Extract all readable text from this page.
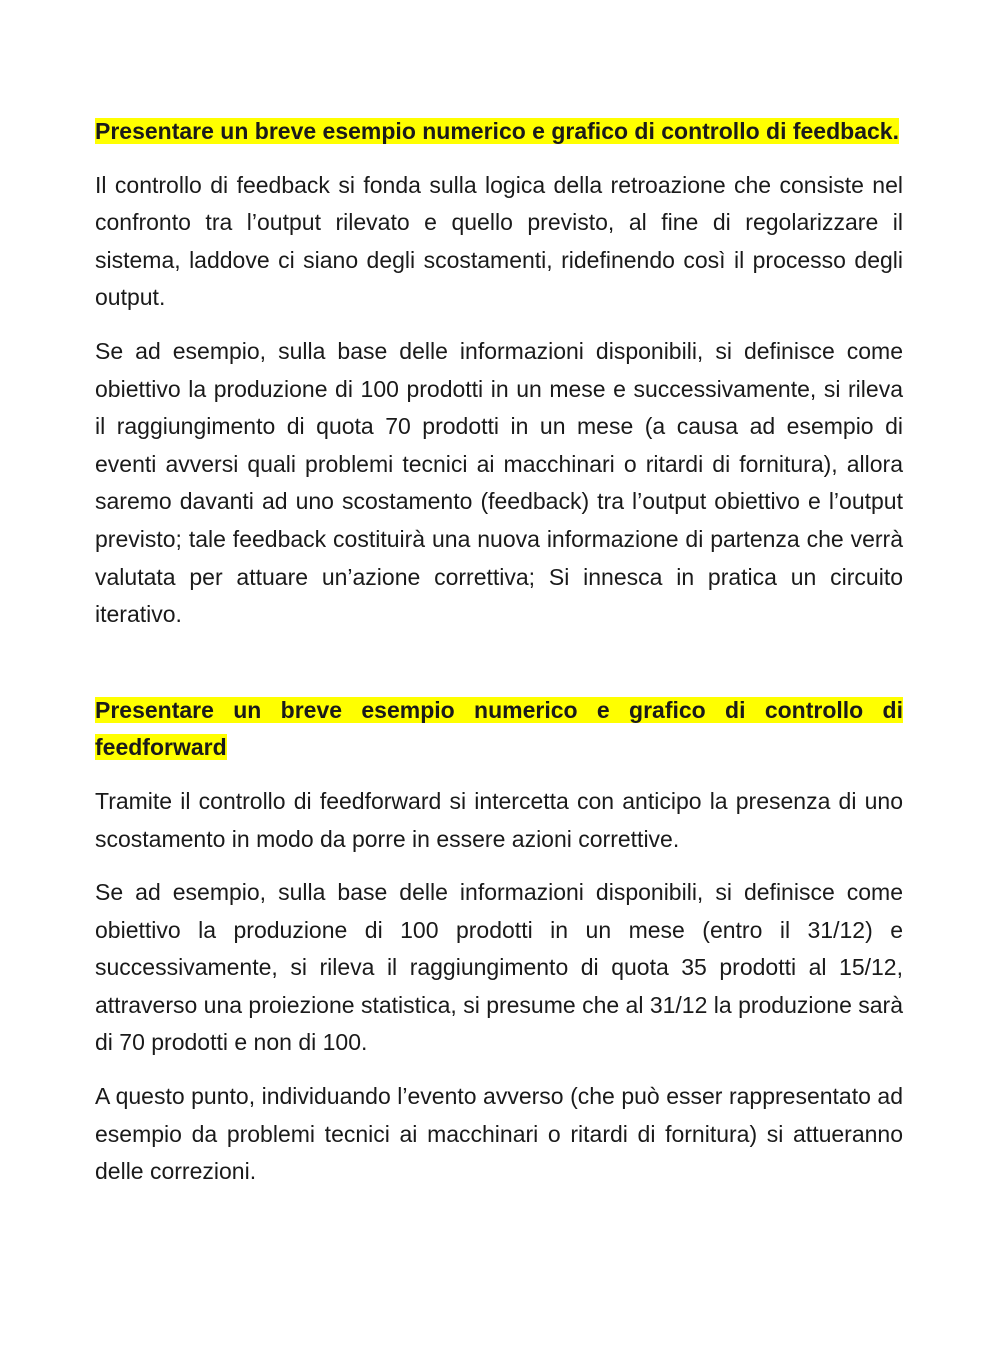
Presentare un breve esempio numerico e grafico di controllo di feedback.

Il controllo di feedback si fonda sulla logica della retroazione che consiste nel confronto tra l’output rilevato e quello previsto, al fine di regolarizzare il sistema, laddove ci siano degli scostamenti, ridefinendo così il processo degli output.

Se ad esempio, sulla base delle informazioni disponibili, si definisce come obiettivo la produzione di 100 prodotti in un mese e successivamente, si rileva il raggiungimento di quota 70 prodotti in un mese (a causa ad esempio di eventi avversi quali problemi tecnici ai macchinari o ritardi di fornitura), allora saremo davanti ad uno scostamento (feedback) tra l’output obiettivo e l’output previsto; tale feedback costituirà una nuova informazione di partenza che verrà valutata per attuare un’azione correttiva; Si innesca in pratica un circuito iterativo.

Presentare un breve esempio numerico e grafico di controllo di feedforward

Tramite il controllo di feedforward si intercetta con anticipo la presenza di uno scostamento in modo da porre in essere azioni correttive.

Se ad esempio, sulla base delle informazioni disponibili, si definisce come obiettivo la produzione di 100 prodotti in un mese (entro il 31/12) e successivamente, si rileva il raggiungimento di quota 35 prodotti al 15/12, attraverso una proiezione statistica, si presume che al 31/12 la produzione sarà di 70 prodotti e non di 100.

A questo punto, individuando l’evento avverso (che può esser rappresentato ad esempio da problemi tecnici ai macchinari o ritardi di fornitura) si attueranno delle correzioni.
